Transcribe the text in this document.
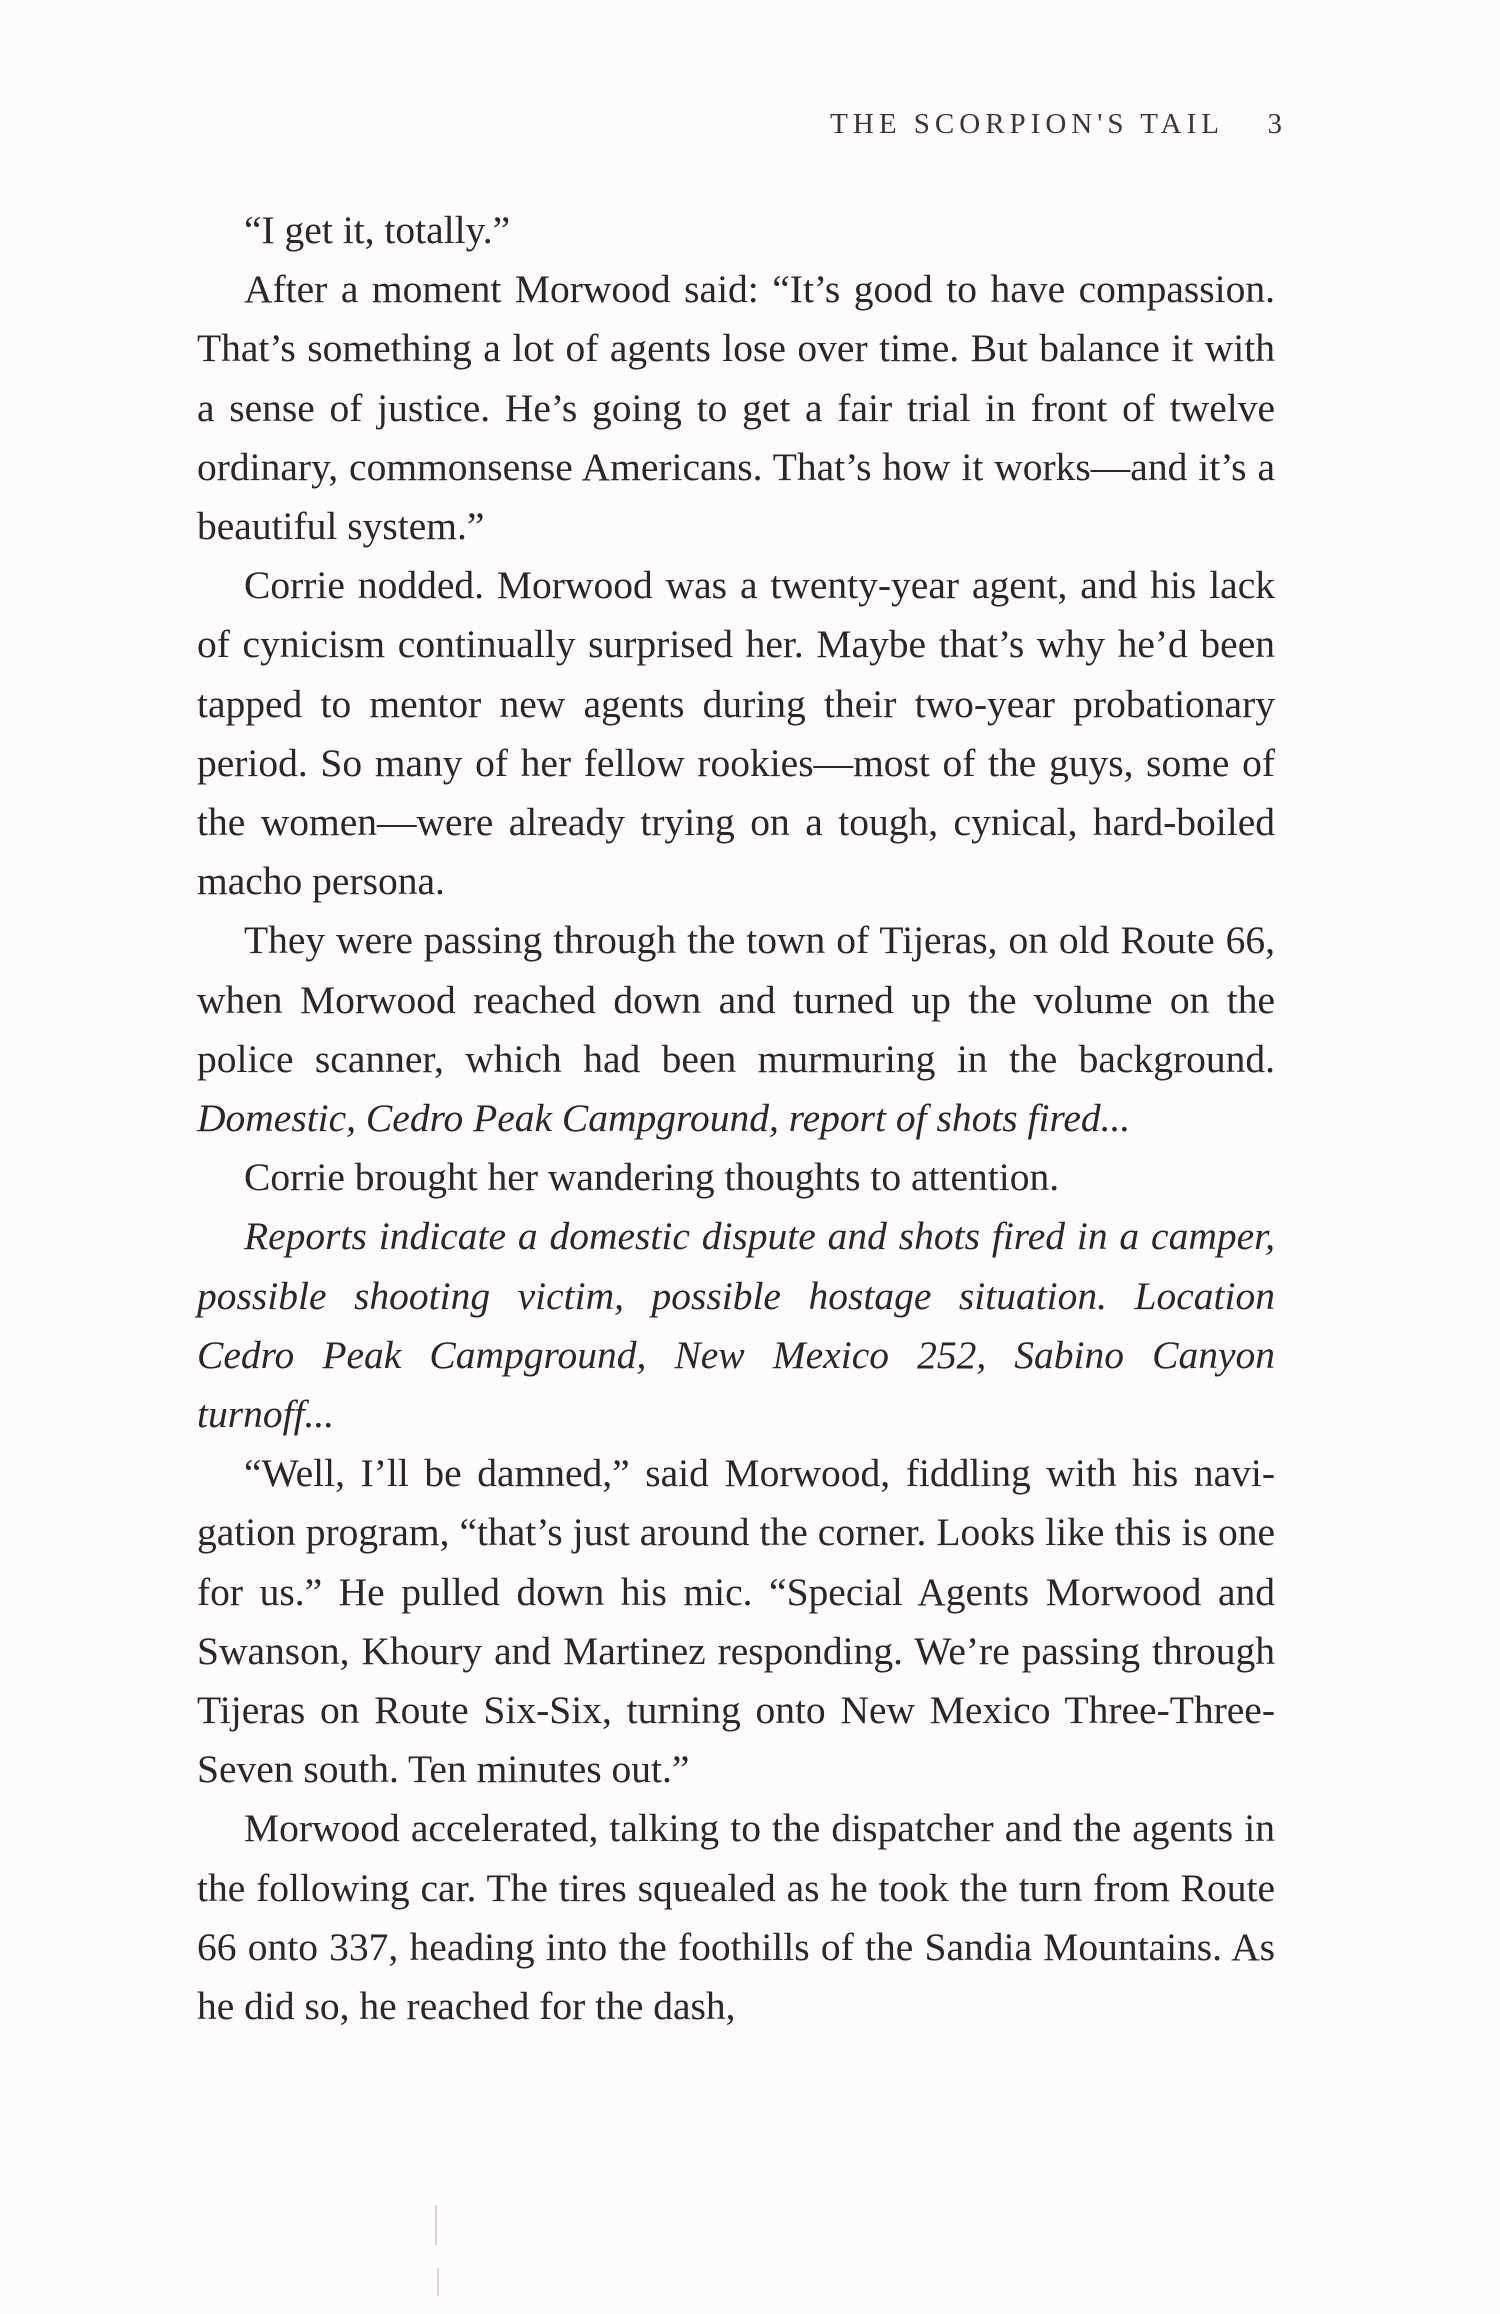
THE SCORPION'S TAIL 3

“I get it, totally.”

After a moment Morwood said: “It’s good to have compassion. That’s something a lot of agents lose over time. But balance it with a sense of justice. He’s going to get a fair trial in front of twelve ordinary, commonsense Americans. That’s how it works—and it’s a beautiful system.”

Corrie nodded. Morwood was a twenty-year agent, and his lack of cynicism continually surprised her. Maybe that’s why he’d been tapped to mentor new agents during their two-year probationary period. So many of her fellow rookies—most of the guys, some of the women—were already trying on a tough, cynical, hard-boiled macho persona.

They were passing through the town of Tijeras, on old Route 66, when Morwood reached down and turned up the volume on the police scanner, which had been murmuring in the background. Domestic, Cedro Peak Campground, report of shots fired...

Corrie brought her wandering thoughts to attention.

Reports indicate a domestic dispute and shots fired in a camper, possible shooting victim, possible hostage situation. Location Cedro Peak Campground, New Mexico 252, Sabino Canyon turnoff...

“Well, I’ll be damned,” said Morwood, fiddling with his navigation program, “that’s just around the corner. Looks like this is one for us.” He pulled down his mic. “Special Agents Morwood and Swanson, Khoury and Martinez responding. We’re passing through Tijeras on Route Six-Six, turning onto New Mexico Three-Three-Seven south. Ten minutes out.”

Morwood accelerated, talking to the dispatcher and the agents in the following car. The tires squealed as he took the turn from Route 66 onto 337, heading into the foothills of the Sandia Mountains. As he did so, he reached for the dash,
